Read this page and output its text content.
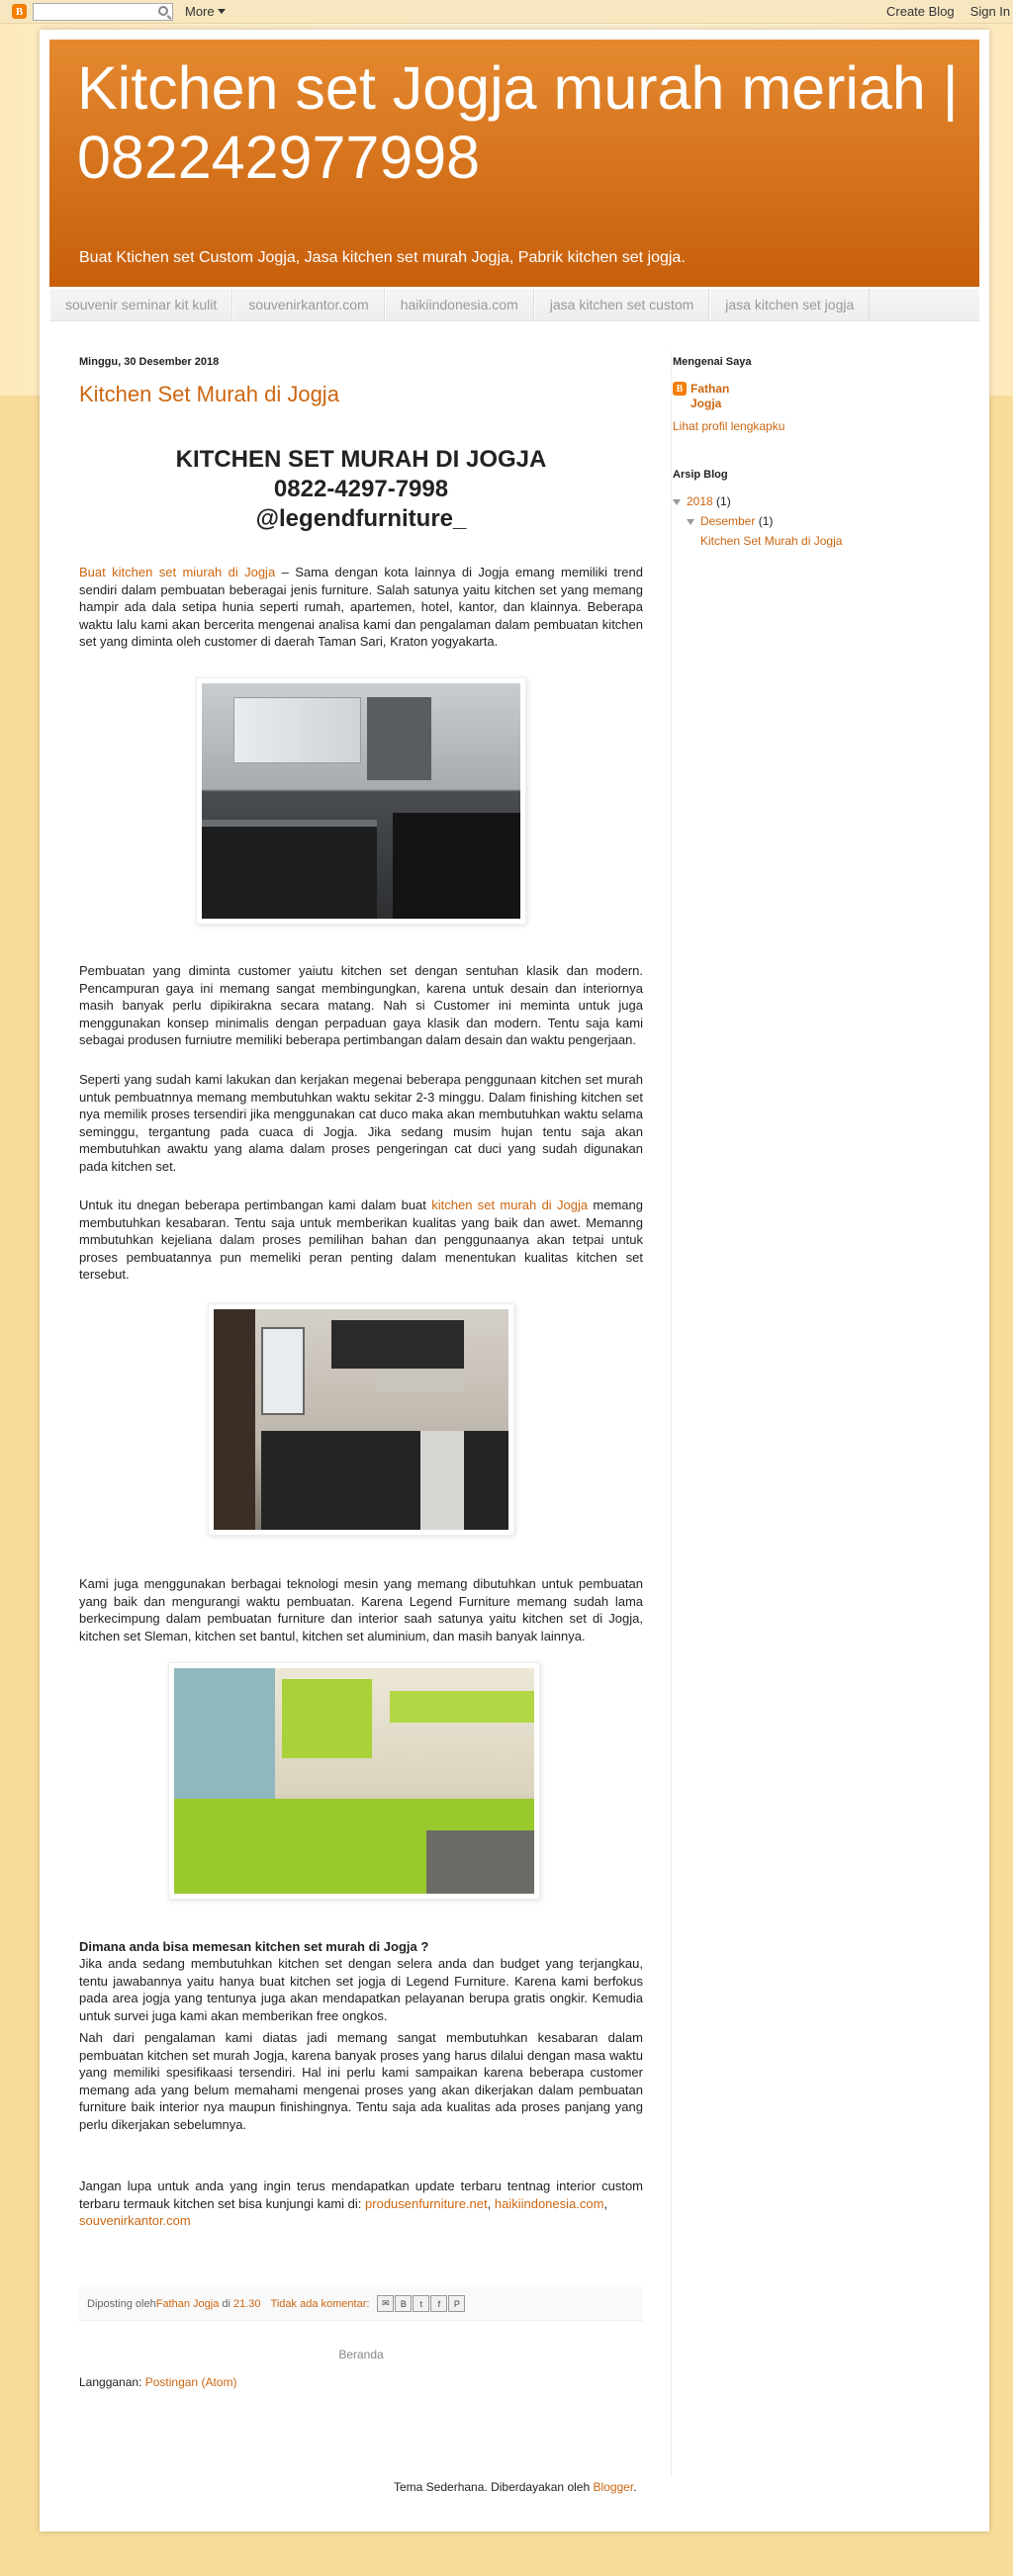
B	More	Create Blog Sign In
Kitchen set Jogja murah meriah | 082242977998
Buat Ktichen set Custom Jogja, Jasa kitchen set murah Jogja, Pabrik kitchen set jogja.
souvenir seminar kit kulit	souvenirkantor.com	haikiindonesia.com	jasa kitchen set custom	jasa kitchen set jogja
Minggu, 30 Desember 2018
Kitchen Set Murah di Jogja
KITCHEN SET MURAH DI JOGJA
0822-4297-7998
@legendfurniture_

Buat kitchen set miurah di Jogja – Sama dengan kota lainnya di Jogja emang memiliki trend sendiri dalam pembuatan beberagai jenis furniture. Salah satunya yaitu kitchen set yang memang hampir ada dala setipa hunia seperti rumah, apartemen, hotel, kantor, dan klainnya. Beberapa waktu lalu kami akan bercerita mengenai analisa kami dan pengalaman dalam pembuatan kitchen set yang diminta oleh customer di daerah Taman Sari, Kraton yogyakarta.

Pembuatan yang diminta customer yaiutu kitchen set dengan sentuhan klasik dan modern. Pencampuran gaya ini memang sangat membingungkan, karena untuk desain dan interiornya masih banyak perlu dipikirakna secara matang. Nah si Customer ini meminta untuk juga menggunakan konsep minimalis dengan perpaduan gaya klasik dan modern. Tentu saja kami sebagai produsen furniutre memiliki beberapa pertimbangan dalam desain dan waktu pengerjaan.

Seperti yang sudah kami lakukan dan kerjakan megenai beberapa penggunaan kitchen set murah untuk pembuatnnya memang membutuhkan waktu sekitar 2-3 minggu. Dalam finishing kitchen set nya memilik proses tersendiri jika menggunakan cat duco maka akan membutuhkan waktu selama seminggu, tergantung pada cuaca di Jogja. Jika sedang musim hujan tentu saja akan membutuhkan awaktu yang alama dalam proses pengeringan cat duci yang sudah digunakan pada kitchen set.

Untuk itu dnegan beberapa pertimbangan kami dalam buat kitchen set murah di Jogja memang membutuhkan kesabaran. Tentu saja untuk memberikan kualitas yang baik dan awet. Memanng mmbutuhkan kejeliana dalam proses pemilihan bahan dan penggunaanya akan tetpai untuk proses pembuatannya pun memeliki peran penting dalam menentukan kualitas kitchen set tersebut.

Kami juga menggunakan berbagai teknologi mesin yang memang dibutuhkan untuk pembuatan yang baik dan mengurangi waktu pembuatan. Karena Legend Furniture memang sudah lama berkecimpung dalam pembuatan furniture dan interior saah satunya yaitu kitchen set di Jogja, kitchen set Sleman, kitchen set bantul, kitchen set aluminium, dan masih banyak lainnya.

Dimana anda bisa memesan kitchen set murah di Jogja ?

Jika anda sedang membutuhkan kitchen set dengan selera anda dan budget yang terjangkau, tentu jawabannya yaitu hanya buat kitchen set jogja di Legend Furniture. Karena kami berfokus pada area jogja yang tentunya juga akan mendapatkan pelayanan berupa gratis ongkir. Kemudia untuk survei juga kami akan memberikan free ongkos.

Nah dari pengalaman kami diatas jadi memang sangat membutuhkan kesabaran dalam pembuatan kitchen set murah Jogja, karena banyak proses yang harus dilalui dengan masa waktu yang memiliki spesifikaasi tersendiri. Hal ini perlu kami sampaikan karena beberapa customer memang ada yang belum memahami mengenai proses yang akan dikerjakan dalam pembuatan furniture baik interior nya maupun finishingnya. Tentu saja ada kualitas ada proses panjang yang perlu dikerjakan sebelumnya.

Jangan lupa untuk anda yang ingin terus mendapatkan update terbaru tentnag interior custom terbaru termauk kitchen set bisa kunjungi kami di: produsenfurniture.net, haikiindonesia.com,
souvenirkantor.com

Diposting oleh Fathan Jogja di 21.30 Tidak ada komentar:	✉	B	t	f	P
Beranda
Langganan: Postingan (Atom)
Tema Sederhana. Diberdayakan oleh Blogger.
Mengenai Saya
B Fathan
Jogja
Lihat profil lengkapku
Arsip Blog
2018 (1)
Desember (1)
Kitchen Set Murah di Jogja
